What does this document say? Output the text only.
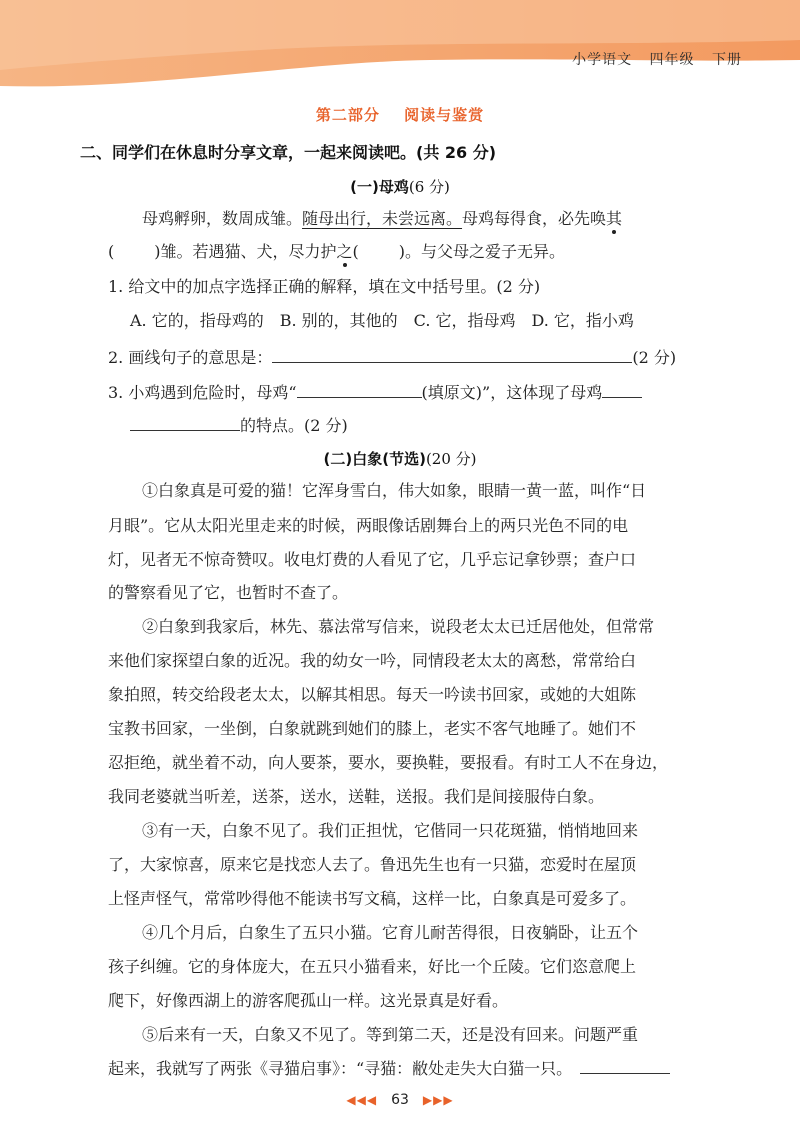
小学语文 四年级 下册
第二部分 阅读与鉴赏
二、同学们在休息时分享文章，一起来阅读吧。(共 26 分)
(一)母鸡(6 分)
母鸡孵卵，数周成雏。随母出行，未尝远离。母鸡每得食，必先唤其
(	)雏。若遇猫、犬，尽力护之(	)。与父母之爱子无异。
1. 给文中的加点字选择正确的解释，填在文中括号里。(2 分)
A. 它的，指母鸡的　B. 别的，其他的　C. 它，指母鸡　D. 它，指小鸡
2. 画线句子的意思是：	(2 分)
3. 小鸡遇到危险时，母鸡“	(填原文)”，这体现了母鸡
的特点。(2 分)
(二)白象(节选)(20 分)
①白象真是可爱的猫！它浑身雪白，伟大如象，眼睛一黄一蓝，叫作“日
月眼”。它从太阳光里走来的时候，两眼像话剧舞台上的两只光色不同的电
灯，见者无不惊奇赞叹。收电灯费的人看见了它，几乎忘记拿钞票；查户口
的警察看见了它，也暂时不查了。
②白象到我家后，林先、慕法常写信来，说段老太太已迁居他处，但常常
来他们家探望白象的近况。我的幼女一吟，同情段老太太的离愁，常常给白
象拍照，转交给段老太太，以解其相思。每天一吟读书回家，或她的大姐陈
宝教书回家，一坐倒，白象就跳到她们的膝上，老实不客气地睡了。她们不
忍拒绝，就坐着不动，向人要茶，要水，要换鞋，要报看。有时工人不在身边，
我同老婆就当听差，送茶，送水，送鞋，送报。我们是间接服侍白象。
③有一天，白象不见了。我们正担忧，它偕同一只花斑猫，悄悄地回来
了，大家惊喜，原来它是找恋人去了。鲁迅先生也有一只猫，恋爱时在屋顶
上怪声怪气，常常吵得他不能读书写文稿，这样一比，白象真是可爱多了。
④几个月后，白象生了五只小猫。它育儿耐苦得很，日夜躺卧，让五个
孩子纠缠。它的身体庞大，在五只小猫看来，好比一个丘陵。它们恣意爬上
爬下，好像西湖上的游客爬孤山一样。这光景真是好看。
⑤后来有一天，白象又不见了。等到第二天，还是没有回来。问题严重
起来，我就写了两张《寻猫启事》：“寻猫：敝处走失大白猫一只。
◀◀◀ 63 ▶▶▶
